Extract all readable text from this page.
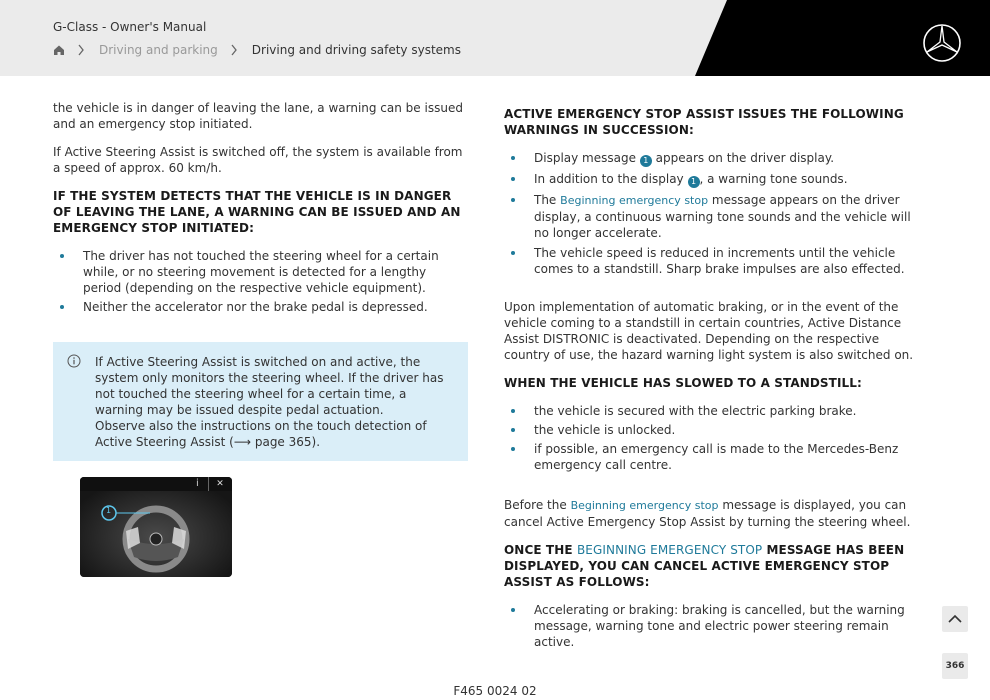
G-Class - Owner's Manual
Driving and parking	Driving and driving safety systems

the vehicle is in danger of leaving the lane, a warning can be issued and an emergency stop initiated.

If Active Steering Assist is switched off, the system is available from a speed of approx. 60 km/h.

IF THE SYSTEM DETECTS THAT THE VEHICLE IS IN DANGER OF LEAVING THE LANE, A WARNING CAN BE ISSUED AND AN EMERGENCY STOP INITIATED:

The driver has not touched the steering wheel for a certain while, or no steering movement is detected for a lengthy period (depending on the respective vehicle equipment).
Neither the accelerator nor the brake pedal is depressed.

If Active Steering Assist is switched on and active, the system only monitors the steering wheel. If the driver has not touched the steering wheel for a certain time, a warning may be issued despite pedal actuation.

Observe also the instructions on the touch detection of Active Steering Assist (⟶ page 365).

1
i	✕

ACTIVE EMERGENCY STOP ASSIST ISSUES THE FOLLOWING WARNINGS IN SUCCESSION:

Display message 1 appears on the driver display.
In addition to the display 1 , a warning tone sounds.
The Beginning emergency stop message appears on the driver display, a continuous warning tone sounds and the vehicle will no longer accelerate.
The vehicle speed is reduced in increments until the vehicle comes to a standstill. Sharp brake impulses are also effected.

Upon implementation of automatic braking, or in the event of the vehicle coming to a standstill in certain countries, Active Distance Assist DISTRONIC is deactivated. Depending on the respective country of use, the hazard warning light system is also switched on.

WHEN THE VEHICLE HAS SLOWED TO A STANDSTILL:

the vehicle is secured with the electric parking brake.
the vehicle is unlocked.
if possible, an emergency call is made to the Mercedes-Benz emergency call centre.

Before the Beginning emergency stop message is displayed, you can cancel Active Emergency Stop Assist by turning the steering wheel.

ONCE THE BEGINNING EMERGENCY STOP MESSAGE HAS BEEN DISPLAYED, YOU CAN CANCEL ACTIVE EMERGENCY STOP ASSIST AS FOLLOWS:

Accelerating or braking: braking is cancelled, but the warning message, warning tone and electric power steering remain active.
366
F465 0024 02
